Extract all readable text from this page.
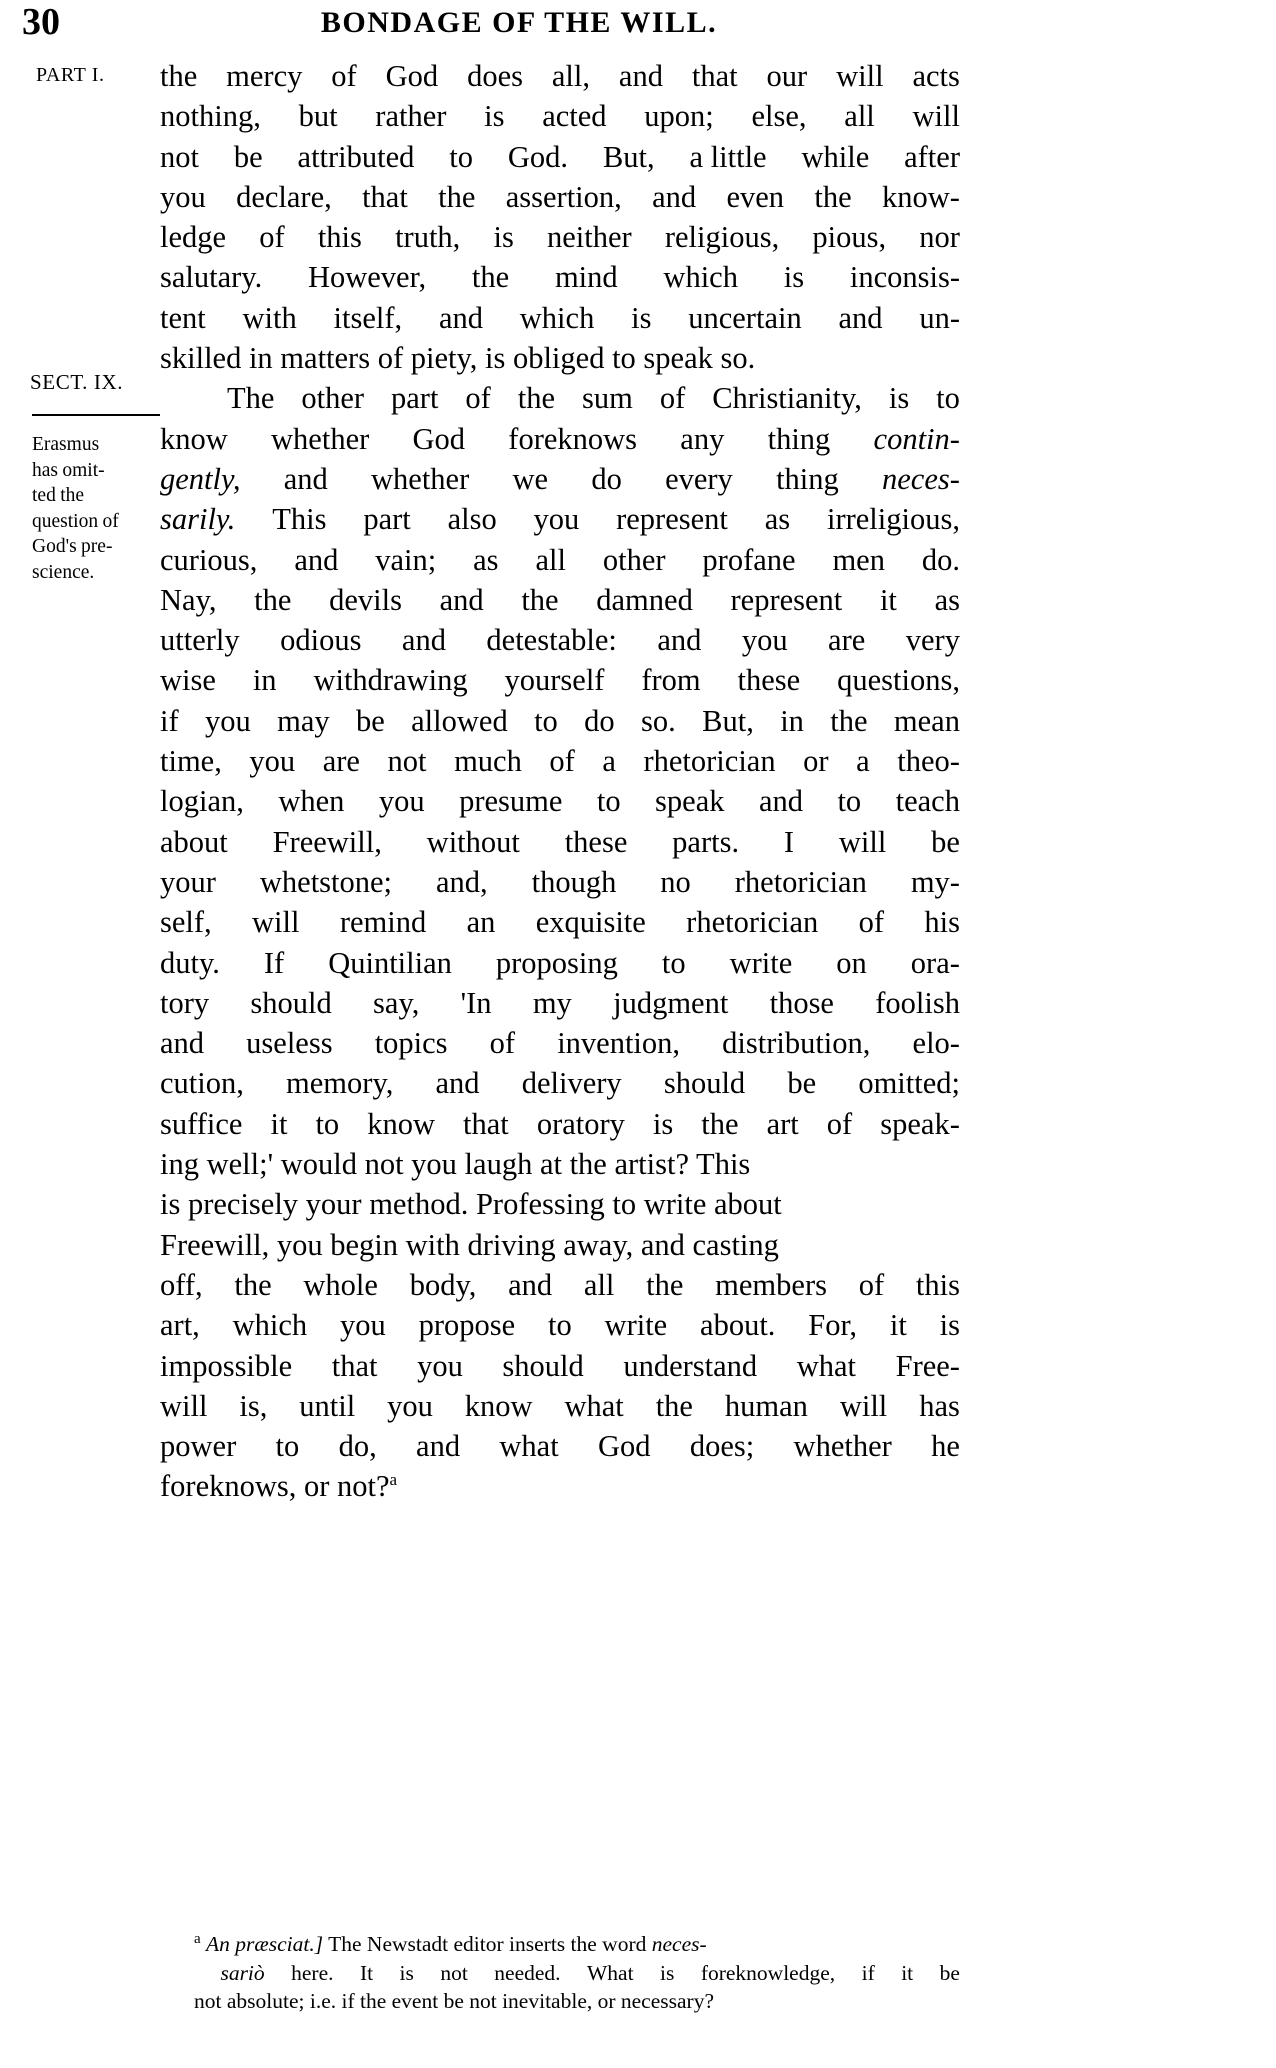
30	BONDAGE OF THE WILL.
PART I.
SECT. IX.
Erasmus
has omit-
ted the
question of
God's pre-
science.
the mercy of God does all, and that our will acts
nothing, but rather is acted upon; else, all will
not be attributed to God. But, a little while after
you declare, that the assertion, and even the know-
ledge of this truth, is neither religious, pious, nor
salutary. However, the mind which is inconsis-
tent with itself, and which is uncertain and un-
skilled in matters of piety, is obliged to speak so.
The other part of the sum of Christianity, is to
know whether God foreknows any thing contin-
gently, and whether we do every thing neces-
sarily. This part also you represent as irreligious,
curious, and vain; as all other profane men do.
Nay, the devils and the damned represent it as
utterly odious and detestable: and you are very
wise in withdrawing yourself from these questions,
if you may be allowed to do so. But, in the mean
time, you are not much of a rhetorician or a theo-
logian, when you presume to speak and to teach
about Freewill, without these parts. I will be
your whetstone; and, though no rhetorician my-
self, will remind an exquisite rhetorician of his
duty. If Quintilian proposing to write on ora-
tory should say, 'In my judgment those foolish
and useless topics of invention, distribution, elo-
cution, memory, and delivery should be omitted;
suffice it to know that oratory is the art of speak-
ing well;' would not you laugh at the artist? This
is precisely your method. Professing to write about
Freewill, you begin with driving away, and casting
off, the whole body, and all the members of this
art, which you propose to write about. For, it is
impossible that you should understand what Free-
will is, until you know what the human will has
power to do, and what God does; whether he
foreknows, or not?$^a$
$^a$ An præsciat.] The Newstadt editor inserts the word neces-
sariò here. It is not needed. What is foreknowledge, if it be
not absolute; i.e. if the event be not inevitable, or necessary?
